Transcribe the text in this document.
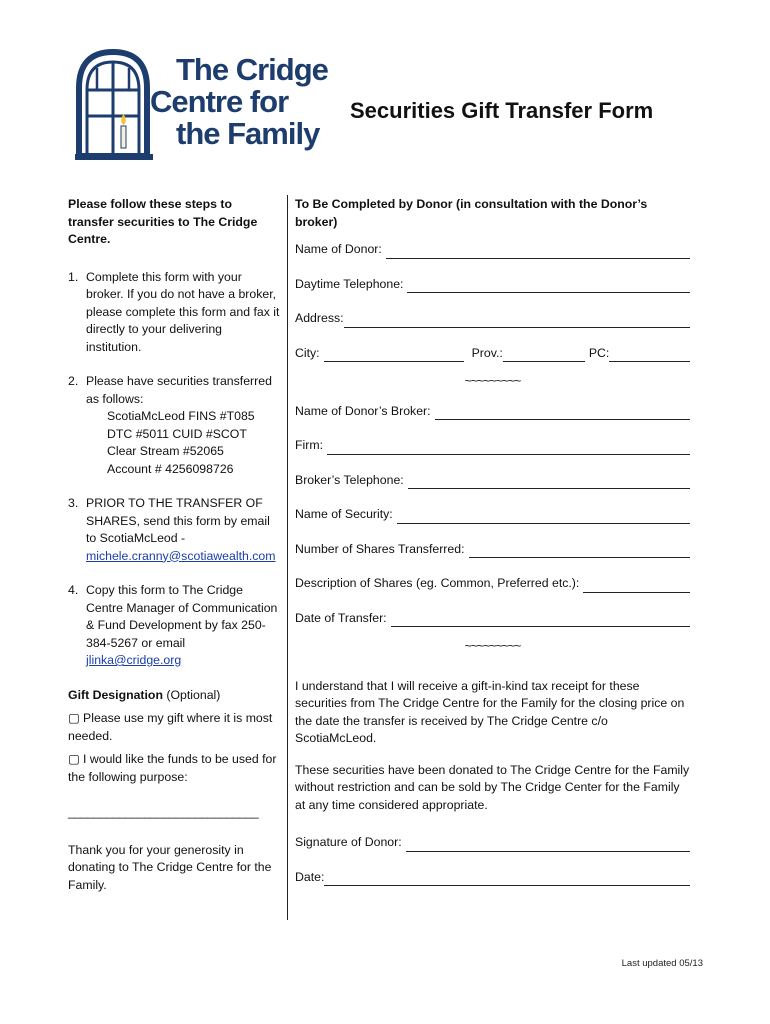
The Cridge
Centre for
the Family
Securities Gift Transfer Form

Please follow these steps to transfer securities to The Cridge Centre.

1. Complete this form with your broker. If you do not have a broker, please complete this form and fax it directly to your delivering institution.
2. Please have securities transferred as follows:
ScotiaMcLeod FINS #T085
DTC #5011 CUID #SCOT
Clear Stream #52065
Account # 4256098726
3. PRIOR TO THE TRANSFER OF SHARES, send this form by email to ScotiaMcLeod -
michele.cranny@scotiawealth.com
4. Copy this form to The Cridge Centre Manager of Communication & Fund Development by fax 250-384-5267 or email
jlinka@cridge.org
Gift Designation (Optional)
▢ Please use my gift where it is most needed.
▢ I would like the funds to be used for the following purpose:
______________________________
Thank you for your generosity in donating to The Cridge Centre for the Family.
To Be Completed by Donor (in consultation with the Donor’s broker)
Name of Donor:
Daytime Telephone:
Address:
City:	Prov.:	PC:
~~~~~~~~~
Name of Donor’s Broker:
Firm:
Broker’s Telephone:
Name of Security:
Number of Shares Transferred:
Description of Shares (eg. Common, Preferred etc.):
Date of Transfer:
~~~~~~~~~
I understand that I will receive a gift-in-kind tax receipt for these securities from The Cridge Centre for the Family for the closing price on the date the transfer is received by The Cridge Centre c/o ScotiaMcLeod.
These securities have been donated to The Cridge Centre for the Family without restriction and can be sold by The Cridge Center for the Family at any time considered appropriate.
Signature of Donor:
Date:
Last updated 05/13
